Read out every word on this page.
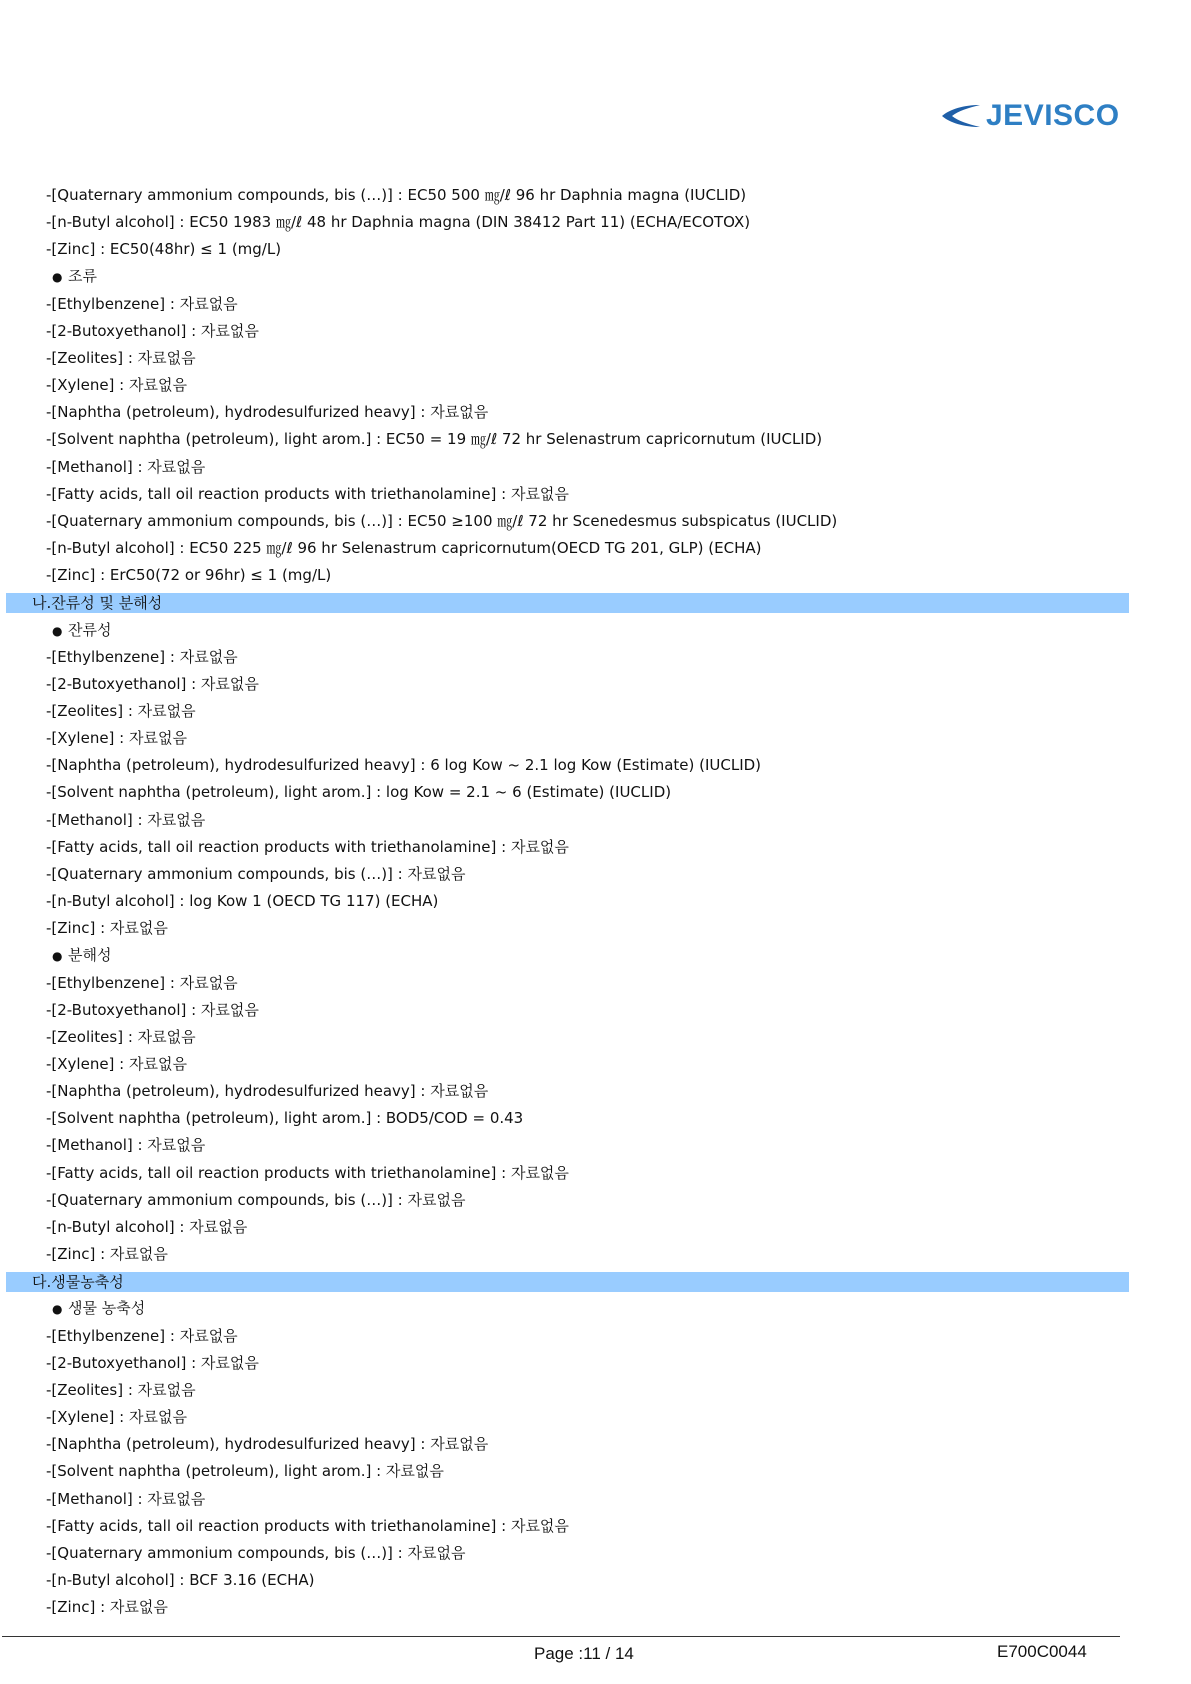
JEVISCO
-[Quaternary ammonium compounds, bis (…)] : EC50 500 ㎎/ℓ 96 hr Daphnia magna (IUCLID)
-[n-Butyl alcohol] : EC50 1983 ㎎/ℓ 48 hr Daphnia magna (DIN 38412 Part 11) (ECHA/ECOTOX)
-[Zinc] : EC50(48hr) ≤ 1 (mg/L)
● 조류
-[Ethylbenzene] : 자료없음
-[2-Butoxyethanol] : 자료없음
-[Zeolites] : 자료없음
-[Xylene] : 자료없음
-[Naphtha (petroleum), hydrodesulfurized heavy] : 자료없음
-[Solvent naphtha (petroleum), light arom.] : EC50 = 19 ㎎/ℓ 72 hr Selenastrum capricornutum (IUCLID)
-[Methanol] : 자료없음
-[Fatty acids, tall oil reaction products with triethanolamine] : 자료없음
-[Quaternary ammonium compounds, bis (…)] : EC50 ≥100 ㎎/ℓ 72 hr Scenedesmus subspicatus (IUCLID)
-[n-Butyl alcohol] : EC50 225 ㎎/ℓ 96 hr Selenastrum capricornutum(OECD TG 201, GLP) (ECHA)
-[Zinc] : ErC50(72 or 96hr) ≤ 1 (mg/L)
나.잔류성 및 분해성
● 잔류성
-[Ethylbenzene] : 자료없음
-[2-Butoxyethanol] : 자료없음
-[Zeolites] : 자료없음
-[Xylene] : 자료없음
-[Naphtha (petroleum), hydrodesulfurized heavy] : 6 log Kow ~ 2.1 log Kow (Estimate) (IUCLID)
-[Solvent naphtha (petroleum), light arom.] : log Kow = 2.1 ~ 6 (Estimate) (IUCLID)
-[Methanol] : 자료없음
-[Fatty acids, tall oil reaction products with triethanolamine] : 자료없음
-[Quaternary ammonium compounds, bis (…)] : 자료없음
-[n-Butyl alcohol] : log Kow 1 (OECD TG 117) (ECHA)
-[Zinc] : 자료없음
● 분해성
-[Ethylbenzene] : 자료없음
-[2-Butoxyethanol] : 자료없음
-[Zeolites] : 자료없음
-[Xylene] : 자료없음
-[Naphtha (petroleum), hydrodesulfurized heavy] : 자료없음
-[Solvent naphtha (petroleum), light arom.] : BOD5/COD = 0.43
-[Methanol] : 자료없음
-[Fatty acids, tall oil reaction products with triethanolamine] : 자료없음
-[Quaternary ammonium compounds, bis (…)] : 자료없음
-[n-Butyl alcohol] : 자료없음
-[Zinc] : 자료없음
다.생물농축성
● 생물 농축성
-[Ethylbenzene] : 자료없음
-[2-Butoxyethanol] : 자료없음
-[Zeolites] : 자료없음
-[Xylene] : 자료없음
-[Naphtha (petroleum), hydrodesulfurized heavy] : 자료없음
-[Solvent naphtha (petroleum), light arom.] : 자료없음
-[Methanol] : 자료없음
-[Fatty acids, tall oil reaction products with triethanolamine] : 자료없음
-[Quaternary ammonium compounds, bis (…)] : 자료없음
-[n-Butyl alcohol] : BCF 3.16 (ECHA)
-[Zinc] : 자료없음
Page :11 / 14	E700C0044
